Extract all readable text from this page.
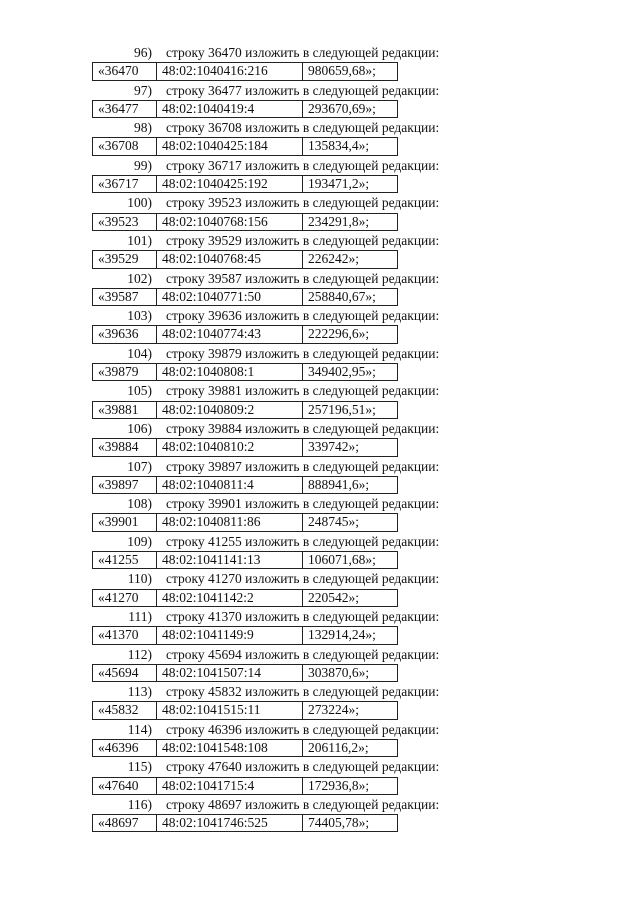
96) строку 36470 изложить в следующей редакции:
«36470	48:02:1040416:216	980659,68»;
97) строку 36477 изложить в следующей редакции:
«36477	48:02:1040419:4	293670,69»;
98) строку 36708 изложить в следующей редакции:
«36708	48:02:1040425:184	135834,4»;
99) строку 36717 изложить в следующей редакции:
«36717	48:02:1040425:192	193471,2»;
100) строку 39523 изложить в следующей редакции:
«39523	48:02:1040768:156	234291,8»;
101) строку 39529 изложить в следующей редакции:
«39529	48:02:1040768:45	226242»;
102) строку 39587 изложить в следующей редакции:
«39587	48:02:1040771:50	258840,67»;
103) строку 39636 изложить в следующей редакции:
«39636	48:02:1040774:43	222296,6»;
104) строку 39879 изложить в следующей редакции:
«39879	48:02:1040808:1	349402,95»;
105) строку 39881 изложить в следующей редакции:
«39881	48:02:1040809:2	257196,51»;
106) строку 39884 изложить в следующей редакции:
«39884	48:02:1040810:2	339742»;
107) строку 39897 изложить в следующей редакции:
«39897	48:02:1040811:4	888941,6»;
108) строку 39901 изложить в следующей редакции:
«39901	48:02:1040811:86	248745»;
109) строку 41255 изложить в следующей редакции:
«41255	48:02:1041141:13	106071,68»;
110) строку 41270 изложить в следующей редакции:
«41270	48:02:1041142:2	220542»;
111) строку 41370 изложить в следующей редакции:
«41370	48:02:1041149:9	132914,24»;
112) строку 45694 изложить в следующей редакции:
«45694	48:02:1041507:14	303870,6»;
113) строку 45832 изложить в следующей редакции:
«45832	48:02:1041515:11	273224»;
114) строку 46396 изложить в следующей редакции:
«46396	48:02:1041548:108	206116,2»;
115) строку 47640 изложить в следующей редакции:
«47640	48:02:1041715:4	172936,8»;
116) строку 48697 изложить в следующей редакции:
«48697	48:02:1041746:525	74405,78»;
